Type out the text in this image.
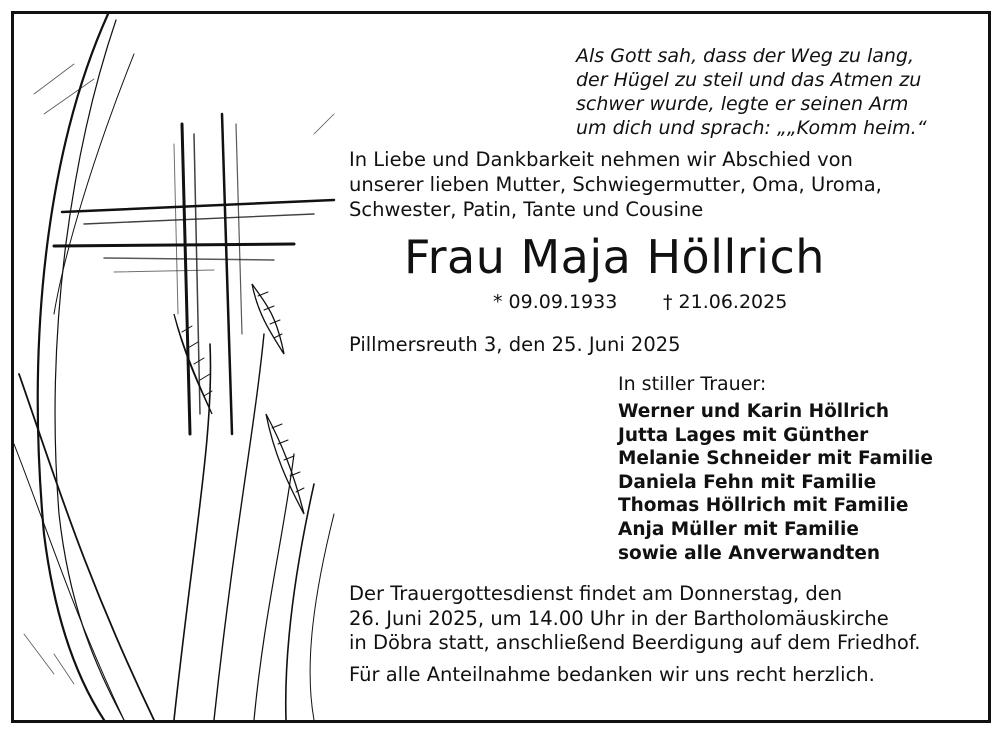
Als Gott sah, dass der Weg zu lang,
der Hügel zu steil und das Atmen zu
schwer wurde, legte er seinen Arm
um dich und sprach: „„Komm heim.“
In Liebe und Dankbarkeit nehmen wir Abschied von
unserer lieben Mutter, Schwiegermutter, Oma, Uroma,
Schwester, Patin, Tante und Cousine
Frau Maja Höllrich
* 09.09.1933 † 21.06.2025
Pillmersreuth 3, den 25. Juni 2025
In stiller Trauer:
Werner und Karin Höllrich
Jutta Lages mit Günther
Melanie Schneider mit Familie
Daniela Fehn mit Familie
Thomas Höllrich mit Familie
Anja Müller mit Familie
sowie alle Anverwandten
Der Trauergottesdienst findet am Donnerstag, den
26. Juni 2025, um 14.00 Uhr in der Bartholomäuskirche
in Döbra statt, anschließend Beerdigung auf dem Friedhof.
Für alle Anteilnahme bedanken wir uns recht herzlich.
